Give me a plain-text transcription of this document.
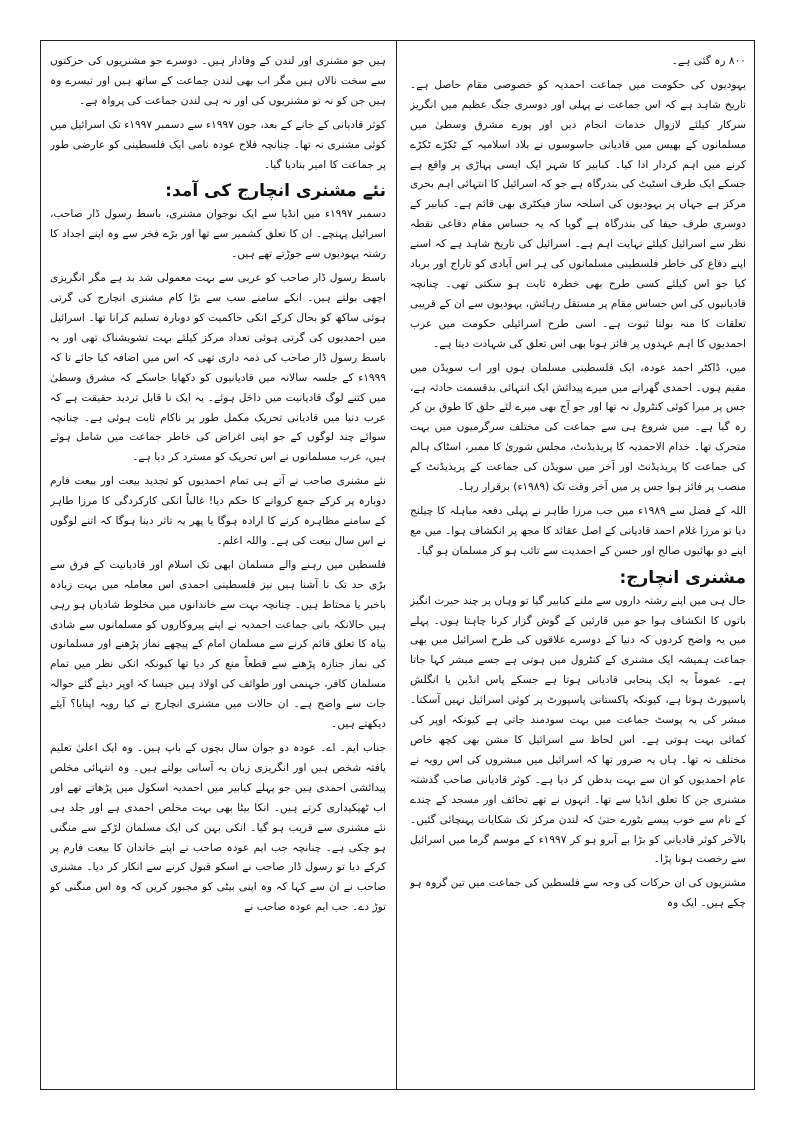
۸۰۰ رہ گئی ہے۔

یہودیوں کی حکومت میں جماعت احمدیہ کو خصوصی مقام حاصل ہے۔ تاریخ شاہد ہے کہ اس جماعت نے پہلی اور دوسری جنگ عظیم میں انگریز سرکار کیلئے لازوال خدمات انجام دیں اور پورے مشرق وسطیٰ میں مسلمانوں کے بھیس میں قادیانی جاسوسوں نے بلاد اسلامیہ کے ٹکڑے ٹکڑے کرنے میں اہم کردار ادا کیا۔ کبابیر کا شہر ایک ایسی پہاڑی پر واقع ہے جسکے ایک طرف اسٹیٹ کی بندرگاہ ہے جو کہ اسرائیل کا انتہائی اہم بحری مرکز ہے جہاں پر یہودیوں کی اسلحہ ساز فیکٹری بھی قائم ہے۔ کبابیر کے دوسری طرف حیفا کی بندرگاہ ہے گویا کہ یہ حساس مقام دفاعی نقطہ نظر سے اسرائیل کیلئے نہایت اہم ہے۔ اسرائیل کی تاریخ شاہد ہے کہ اسنے اپنے دفاع کی خاطر فلسطینی مسلمانوں کی ہر اس آبادی کو تاراج اور برباد کیا جو اس کیلئے کسی طرح بھی خطرہ ثابت ہو سکتی تھی۔ چنانچہ قادیانیوں کی اس حساس مقام پر مستقل رہائش، یہودیوں سے ان کے قریبی تعلقات کا منہ بولتا ثبوت ہے۔ اسی طرح اسرائیلی حکومت میں عرب احمدیوں کا اہم عہدوں پر فائز ہونا بھی اس تعلق کی شہادت دیتا ہے۔

میں، ڈاکٹر احمد عودہ، ایک فلسطینی مسلمان ہوں اور اب سویڈن میں مقیم ہوں۔ احمدی گھرانے میں میرے پیدائش ایک انتہائی بدقسمت حادثہ ہے، جس پر میرا کوئی کنٹرول نہ تھا اور جو آج بھی میرے لئے حلق کا طوق بن کر رہ گیا ہے۔ میں شروع ہی سے جماعت کی مختلف سرگرمیوں میں بہت متحرک تھا۔ خدام الاحمدیہ کا پریذیڈنٹ، مجلس شوریٰ کا ممبر، اسٹاک ہالم کی جماعت کا پریذیڈنٹ اور آخر میں سویڈن کی جماعت کے پریذیڈنٹ کے منصب پر فائز ہوا جس پر میں آخر وقت تک (۱۹۸۹ء) برقرار رہا۔

اللہ کے فضل سے ۱۹۸۹ء میں جب مرزا طاہر نے پہلی دفعہ مباہلہ کا چیلنج دیا تو مرزا غلام احمد قادیانی کے اصل عقائد کا مجھ پر انکشاف ہوا۔ میں مع اپنے دو بھائیوں صالح اور حسن کے احمدیت سے تائب ہو کر مسلمان ہو گیا۔

مشنری انچارج:

حال ہی میں اپنے رشتہ داروں سے ملنے کبابیر گیا تو وہاں پر چند حیرت انگیز باتوں کا انکشاف ہوا جو میں قارئین کے گوش گزار کرنا چاہتا ہوں۔ پہلے میں یہ واضح کردوں کہ دنیا کے دوسرے علاقوں کی طرح اسرائیل میں بھی جماعت ہمیشہ ایک مشنری کے کنٹرول میں ہوتی ہے جسے مبشر کہا جاتا ہے۔ عموماً یہ ایک پنجابی قادیانی ہوتا ہے جسکے پاس انڈین یا انگلش پاسپورٹ ہوتا ہے، کیونکہ پاکستانی پاسپورٹ پر کوئی اسرائیل نہیں آسکتا۔ مبشر کی یہ پوسٹ جماعت میں بہت سودمند جاتی ہے کیونکہ اوپر کی کمائی بہت ہوتی ہے۔ اس لحاظ سے اسرائیل کا مشن بھی کچھ خاص مختلف نہ تھا۔ ہاں یہ ضرور تھا کہ اسرائیل میں مبشروں کی اس رویہ نے عام احمدیوں کو ان سے بہت بدظن کر دیا ہے۔ کوثر قادیانی صاحب گذشتہ مشنری جن کا تعلق انڈیا سے تھا۔ انہوں نے تھے تحائف اور مسجد کے چندے کے نام سے خوب پیسے بٹورے حتیٰ کہ لندن مرکز تک شکایات پہنچائی گئیں۔ بالآخر کوثر قادیانی کو بڑا بے آبرو ہو کر ۱۹۹۷ء کے موسم گرما میں اسرائیل سے رخصت ہونا پڑا۔

مشنریوں کی ان حرکات کی وجہ سے فلسطین کی جماعت میں تین گروہ ہو چکے ہیں۔ ایک وہ

ہیں جو مشنری اور لندن کے وفادار ہیں۔ دوسرے جو مشنریوں کی حرکتوں سے سخت نالاں ہیں مگر اب بھی لندن جماعت کے ساتھ ہیں اور تیسرے وہ ہیں جن کو نہ تو مشنریوں کی اور نہ ہی لندن جماعت کی پرواہ ہے۔

کوثر قادیانی کے جانے کے بعد، جون ۱۹۹۷ء سے دسمبر ۱۹۹۷ء تک اسرائیل میں کوئی مشنری نہ تھا۔ چنانچہ فلاح عودہ نامی ایک فلسطینی کو عارضی طور پر جماعت کا امیر بنادیا گیا۔

نئے مشنری انچارج کی آمد:

دسمبر ۱۹۹۷ء میں انڈیا سے ایک نوجوان مشنری، باسط رسول ڈار صاحب، اسرائیل پہنچے۔ ان کا تعلق کشمیر سے تھا اور بڑے فخر سے وہ اپنے اجداد کا رشتہ یہودیوں سے جوڑتے تھے ہیں۔

باسط رسول ڈار صاحب کو عربی سے بہت معمولی شد بد ہے مگر انگریزی اچھی بولتے ہیں۔ انکے سامنے سب سے بڑا کام مشنری انچارج کی گرتی ہوئی ساکھ کو بحال کرکے انکی حاکمیت کو دوبارہ تسلیم کرانا تھا۔ اسرائیل میں احمدیوں کی گرتی ہوئی تعداد مرکز کیلئے بہت تشویشناک تھی اور یہ باسط رسول ڈار صاحب کی ذمہ داری تھی کہ اس میں اضافہ کیا جائے تا کہ ۱۹۹۹ء کے جلسہ سالانہ میں قادیانیوں کو دکھایا جاسکے کہ مشرق وسطیٰ میں کتنے لوگ قادیانیت میں داخل ہوئے۔ یہ ایک نا قابل تردید حقیقت ہے کہ عرب دنیا میں قادیانی تحریک مکمل طور پر ناکام ثابت ہوئی ہے۔ چنانچہ سوائے چند لوگوں کے جو اپنی اغراض کی خاطر جماعت میں شامل ہوئے ہیں، عرب مسلمانوں نے اس تحریک کو مسترد کر دیا ہے۔

نئے مشنری صاحب نے آتے ہی تمام احمدیوں کو تجدید بیعت اور بیعت فارم دوبارہ پر کرکے جمع کروانے کا حکم دیا! غالباً انکی کارکردگی کا مرزا طاہر کے سامنے مظاہرہ کرنے کا ارادہ ہوگا یا پھر یہ تاثر دینا ہوگا کہ اتنے لوگوں نے اس سال بیعت کی ہے۔ واللہ اعلم۔

فلسطین میں رہنے والے مسلمان ابھی تک اسلام اور قادیانیت کے فرق سے بڑی حد تک نا آشنا ہیں نیز فلسطینی احمدی اس معاملہ میں بہت زیادہ باخبر یا محتاط ہیں۔ چنانچہ بہت سے خاندانوں میں مخلوط شادیاں ہو رہی ہیں حالانکہ بانی جماعت احمدیہ نے اپنے پیروکاروں کو مسلمانوں سے شادی بیاہ کا تعلق قائم کرنے سے مسلمان امام کے پیچھے نماز پڑھنے اور مسلمانوں کی نماز جنازہ پڑھنے سے قطعاً منع کر دیا تھا کیونکہ انکی نظر میں تمام مسلمان کافر، جہنمی اور طوائف کی اولاد ہیں جیسا کہ اوپر دیئے گئے حوالہ جات سے واضح ہے۔ ان حالات میں مشنری انچارج نے کیا رویہ اپنایا؟ آیئے دیکھتے ہیں۔

جناب ایم۔ اے۔ عودہ دو جوان سال بچوں کے باپ ہیں۔ وہ ایک اعلیٰ تعلیم یافتہ شخص ہیں اور انگریزی زبان بہ آسانی بولتے ہیں۔ وہ انتہائی مخلص پیدائشی احمدی ہیں جو پہلے کبابیر میں احمدیہ اسکول میں پڑھاتے تھے اور اب ٹھیکیداری کرتے ہیں۔ انکا بیٹا بھی بہت مخلص احمدی ہے اور جلد ہی نئے مشنری سے قریب ہو گیا۔ انکی بہن کی ایک مسلمان لڑکے سے منگنی ہو چکی ہے۔ چنانچہ جب ایم عودہ صاحب نے اپنے خاندان کا بیعت فارم پر کرکے دیا تو رسول ڈار صاحب نے اسکو قبول کرنے سے انکار کر دیا۔ مشنری صاحب نے ان سے کہا کہ وہ اپنی بیٹی کو مجبور کریں کہ وہ اس منگنی کو توڑ دے۔ جب ایم عودہ صاحب نے
